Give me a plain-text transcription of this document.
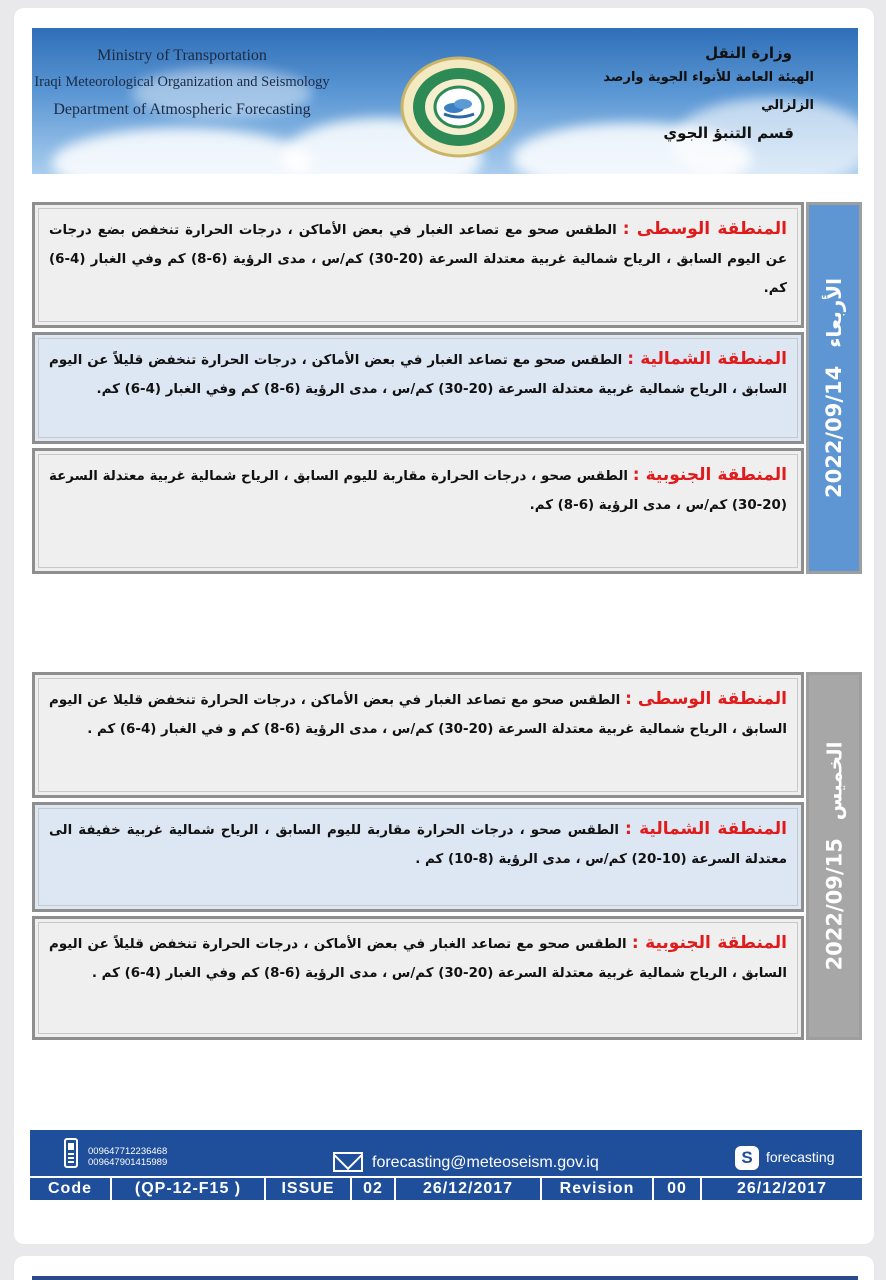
Ministry of Transportation
Iraqi Meteorological Organization and Seismology
Department of Atmospheric Forecasting
وزارة النقل
الهيئة العامة للأنواء الجوية وارصد الزلزالي
قسم التنبؤ الجوي
المنطقة الوسطى : الطقس صحو مع تصاعد الغبار في بعض الأماكن ، درجات الحرارة تنخفض بضع درجات عن اليوم السابق ، الرياح شمالية غربية معتدلة السرعة (20-30) كم/س ، مدى الرؤية (6-8) كم وفي الغبار (4-6) كم.
المنطقة الشمالية : الطقس صحو مع تصاعد الغبار في بعض الأماكن ، درجات الحرارة تنخفض قليلاً عن اليوم السابق ، الرياح شمالية غربية معتدلة السرعة (20-30) كم/س ، مدى الرؤية (6-8) كم وفي الغبار (4-6) كم.
المنطقة الجنوبية : الطقس صحو ، درجات الحرارة مقاربة لليوم السابق ، الرياح شمالية غربية معتدلة السرعة (20-30) كم/س ، مدى الرؤية (6-8) كم.
2022/09/14
الأربعاء
المنطقة الوسطى : الطقس صحو مع تصاعد الغبار في بعض الأماكن ، درجات الحرارة تنخفض قليلا عن اليوم السابق ، الرياح شمالية غربية معتدلة السرعة (20-30) كم/س ، مدى الرؤية (6-8) كم و في الغبار (4-6) كم .
المنطقة الشمالية : الطقس صحو ، درجات الحرارة مقاربة لليوم السابق ، الرياح شمالية غربية خفيفة الى معتدلة السرعة (10-20) كم/س ، مدى الرؤية (8-10) كم .
المنطقة الجنوبية : الطقس صحو مع تصاعد الغبار في بعض الأماكن ، درجات الحرارة تنخفض قليلاً عن اليوم السابق ، الرياح شمالية غربية معتدلة السرعة (20-30) كم/س ، مدى الرؤية (6-8) كم وفي الغبار (4-6) كم .
2022/09/15
الخميس
009647712236468
009647901415989	forecasting@meteoseism.gov.iq	S forecasting
Code	(QP-12-F15 )	ISSUE	02	26/12/2017	Revision	00	26/12/2017
